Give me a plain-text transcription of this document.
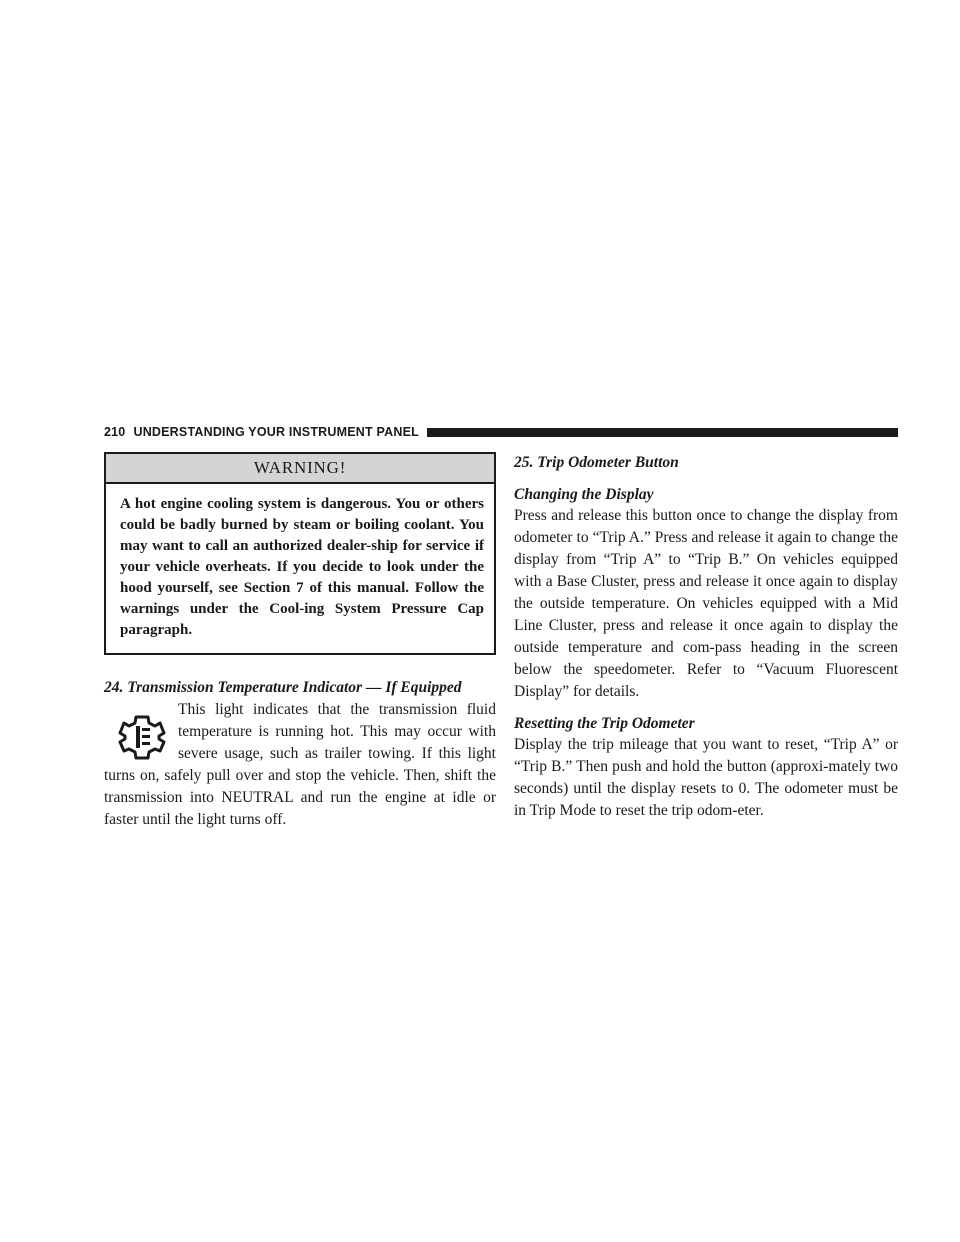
210 UNDERSTANDING YOUR INSTRUMENT PANEL
WARNING!
A hot engine cooling system is dangerous. You or others could be badly burned by steam or boiling coolant. You may want to call an authorized dealer-ship for service if your vehicle overheats. If you decide to look under the hood yourself, see Section 7 of this manual. Follow the warnings under the Cool-ing System Pressure Cap paragraph.
24. Transmission Temperature Indicator — If Equipped
This light indicates that the transmission fluid temperature is running hot. This may occur with severe usage, such as trailer towing. If this light turns on, safely pull over and stop the vehicle. Then, shift the transmission into NEUTRAL and run the engine at idle or faster until the light turns off.
25. Trip Odometer Button
Changing the Display
Press and release this button once to change the display from odometer to “Trip A.” Press and release it again to change the display from “Trip A” to “Trip B.” On vehicles equipped with a Base Cluster, press and release it once again to display the outside temperature. On vehicles equipped with a Mid Line Cluster, press and release it once again to display the outside temperature and com-pass heading in the screen below the speedometer. Refer to “Vacuum Fluorescent Display” for details.
Resetting the Trip Odometer
Display the trip mileage that you want to reset, “Trip A” or “Trip B.” Then push and hold the button (approxi-mately two seconds) until the display resets to 0. The odometer must be in Trip Mode to reset the trip odom-eter.
